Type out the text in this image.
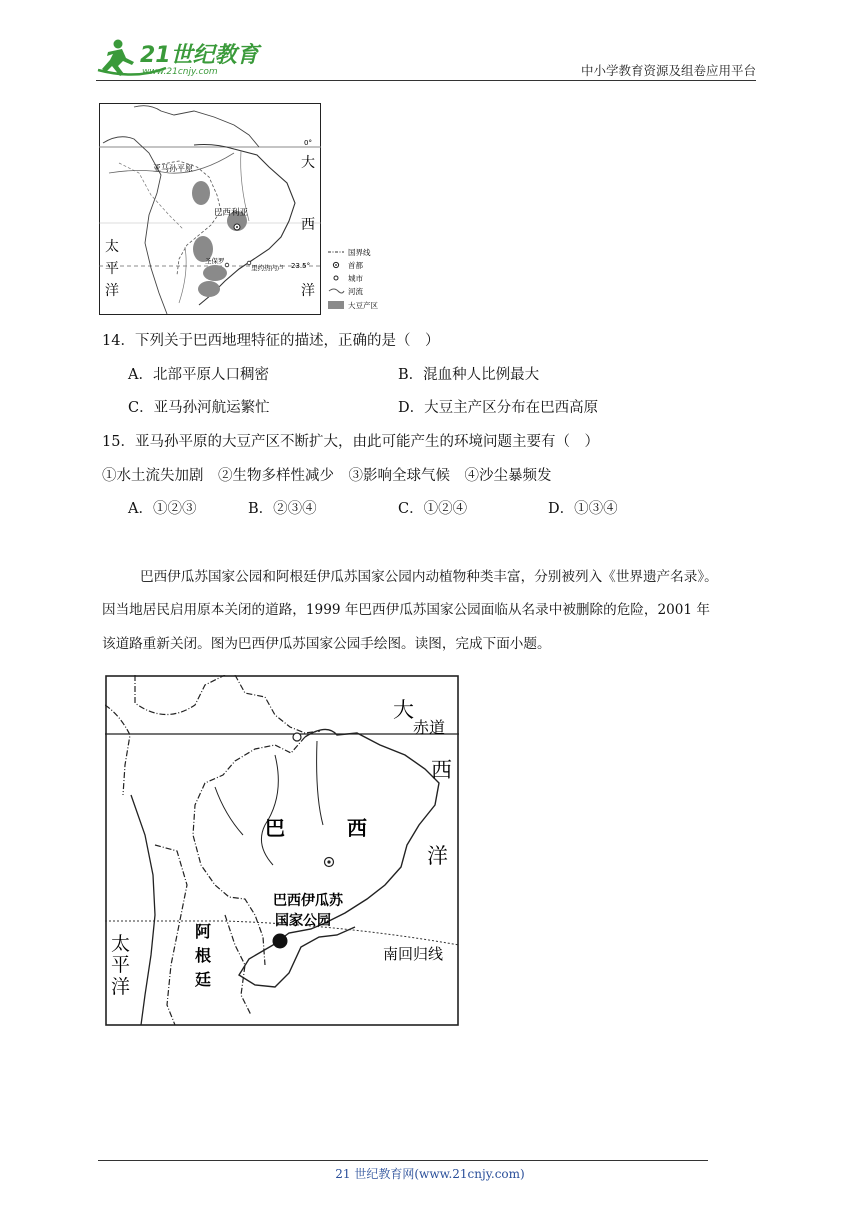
21世纪教育
www.21cnjy.com	中小学教育资源及组卷应用平台
亚马孙平原
巴西利亚
圣保罗
里约热内卢
0°
23.5°
大
西
洋
太
平
洋
国界线
首都
城市
河流
大豆产区
14．下列关于巴西地理特征的描述，正确的是（　）
A．北部平原人口稠密	B．混血种人比例最大
C．亚马孙河航运繁忙	D．大豆主产区分布在巴西高原
15．亚马孙平原的大豆产区不断扩大，由此可能产生的环境问题主要有（　）
①水土流失加剧　②生物多样性减少　③影响全球气候　④沙尘暴频发
A．①②③	B．②③④	C．①②④	D．①③④
巴西伊瓜苏国家公园和阿根廷伊瓜苏国家公园内动植物种类丰富，分别被列入《世界遗产名录》。
因当地居民启用原本关闭的道路，1999 年巴西伊瓜苏国家公园面临从名录中被删除的危险，2001 年
该道路重新关闭。图为巴西伊瓜苏国家公园手绘图。读图，完成下面小题。
大
赤道
西
洋
巴	西
巴西伊瓜苏
国家公园
南回归线
太
平
洋
阿
根
廷
21 世纪教育网(www.21cnjy.com)
